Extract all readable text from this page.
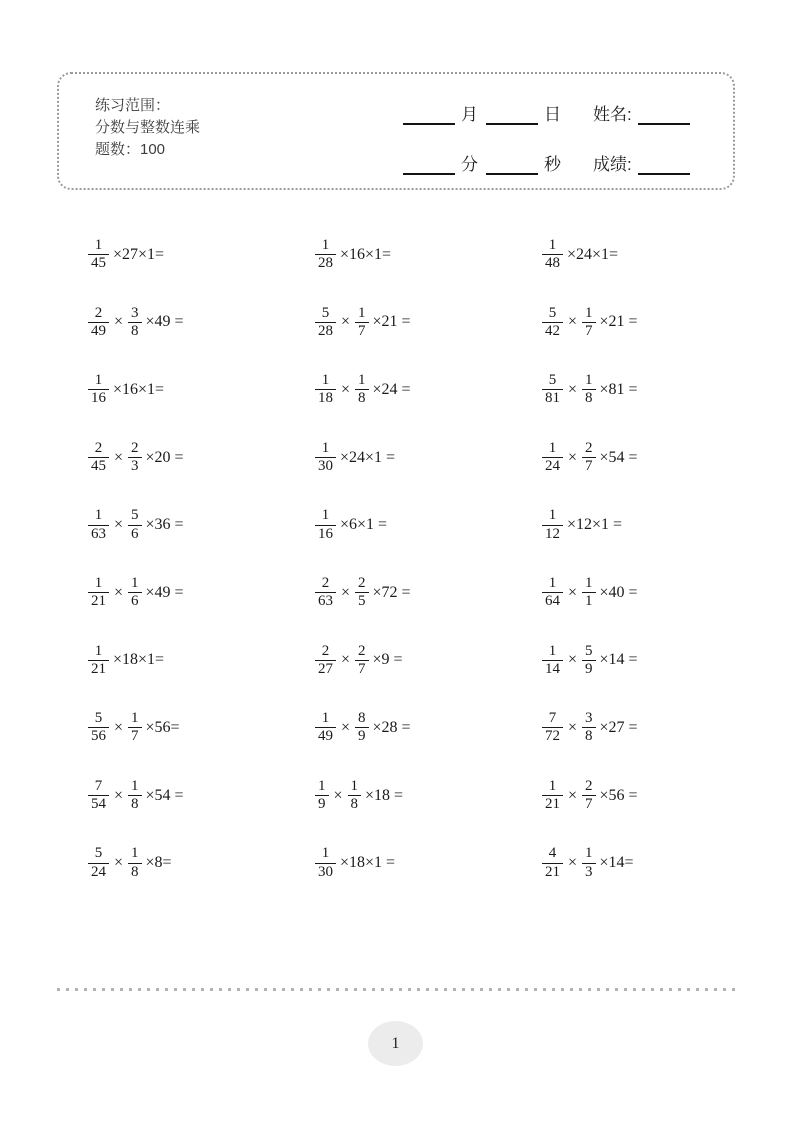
练习范围：
分数与整数连乘
题数：100
月	日 姓名:
分	秒 成绩:
$\frac{1}{45} \times 27\times 1=$	$\frac{1}{28} \times 16\times 1=$	$\frac{1}{48} \times 24\times 1=$
$\frac{2}{49} \times \frac{3}{8} \times 49$ =	$\frac{5}{28} \times \frac{1}{7} \times 21$ =	$\frac{5}{42} \times \frac{1}{7} \times 21$ =
$\frac{1}{16} \times 16\times 1=$	$\frac{1}{18} \times \frac{1}{8} \times 24$ =	$\frac{5}{81} \times \frac{1}{8} \times 81$ =
$\frac{2}{45} \times \frac{2}{3} \times 20$ =	$\frac{1}{30} \times 24\times 1$ =	$\frac{1}{24} \times \frac{2}{7} \times 54$ =
$\frac{1}{63} \times \frac{5}{6} \times 36$ =	$\frac{1}{16} \times 6\times 1$ =	$\frac{1}{12} \times 12\times 1$ =
$\frac{1}{21} \times \frac{1}{6} \times 49$ =	$\frac{2}{63} \times \frac{2}{5} \times 72$ =	$\frac{1}{64} \times \frac{1}{1} \times 40$ =
$\frac{1}{21} \times 18\times 1=$	$\frac{2}{27} \times \frac{2}{7} \times 9$ =	$\frac{1}{14} \times \frac{5}{9} \times 14$ =
$\frac{5}{56} \times \frac{1}{7} \times 56=$	$\frac{1}{49} \times \frac{8}{9} \times 28$ =	$\frac{7}{72} \times \frac{3}{8} \times 27$ =
$\frac{7}{54} \times \frac{1}{8} \times 54$ =	$\frac{1}{9} \times \frac{1}{8} \times 18$ =	$\frac{1}{21} \times \frac{2}{7} \times 56$ =
$\frac{5}{24} \times \frac{1}{8} \times 8=$	$\frac{1}{30} \times 18\times 1$ =	$\frac{4}{21} \times \frac{1}{3} \times 14=$
1
